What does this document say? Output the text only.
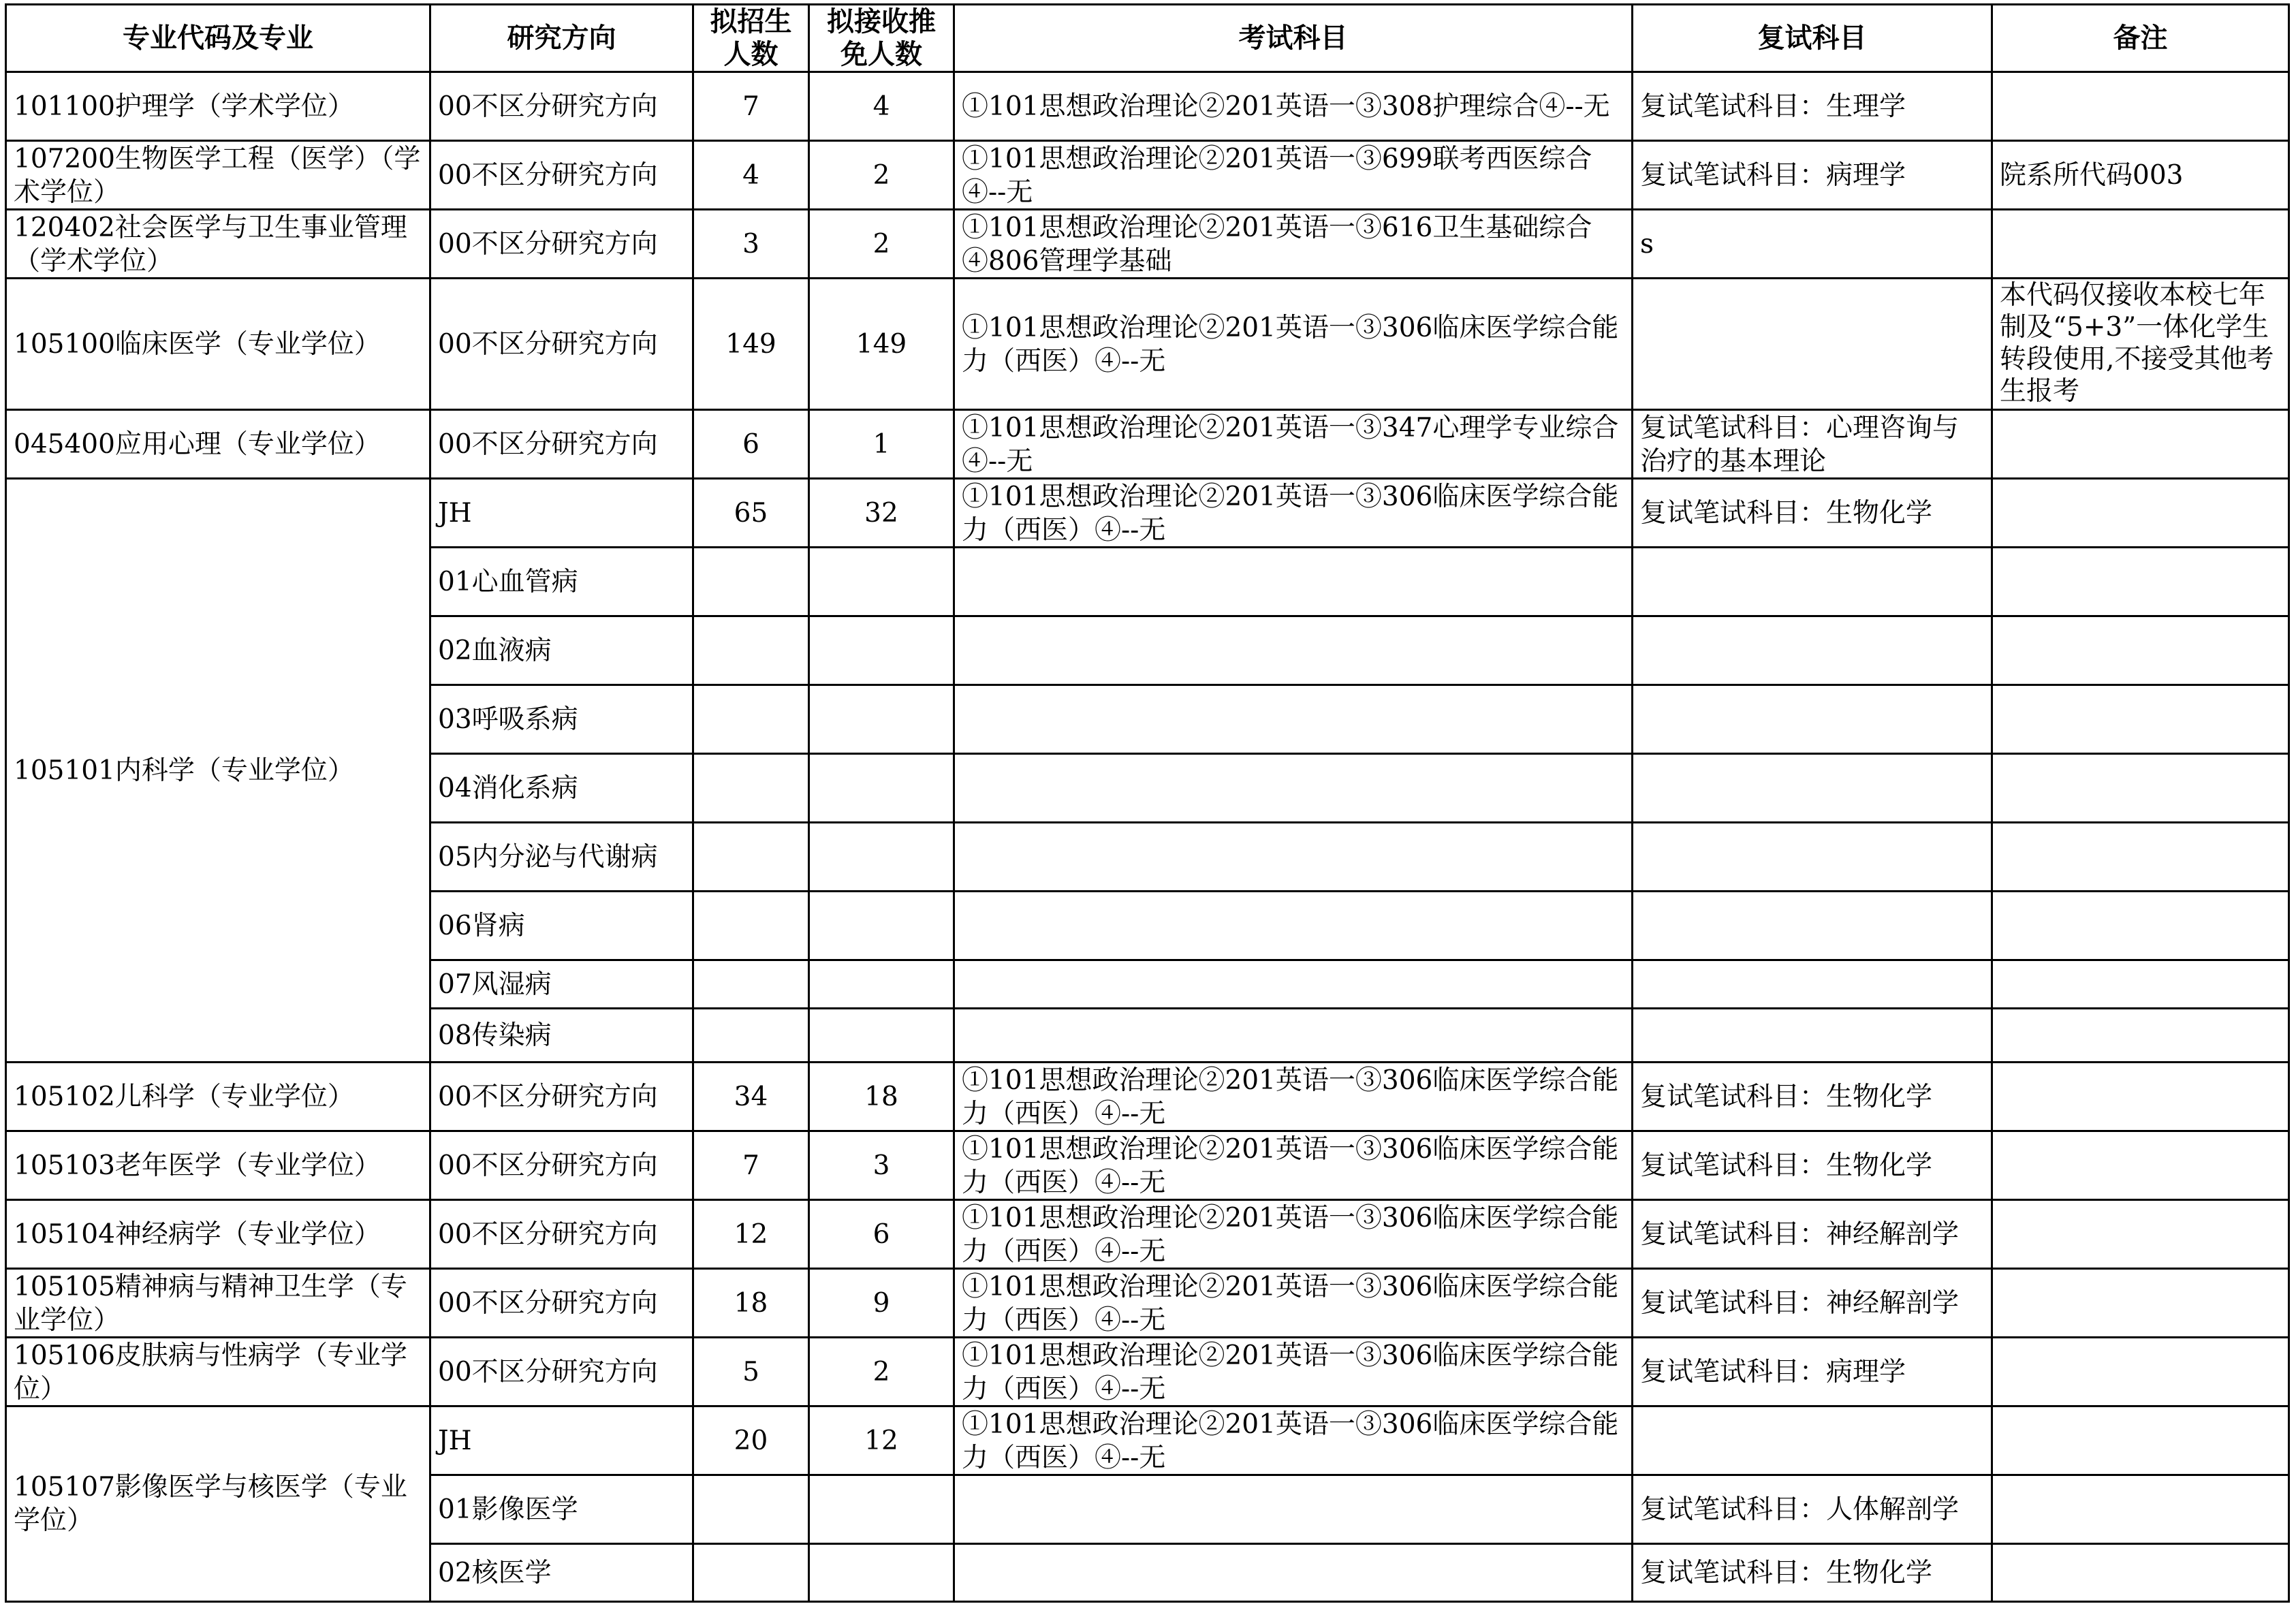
专业代码及专业	研究方向	拟招生人数	拟接收推免人数	考试科目	复试科目	备注
101100护理学（学术学位）	00不区分研究方向	7	4	①101思想政治理论②201英语一③308护理综合④--无	复试笔试科目：生理学	

107200生物医学工程（医学）（学术学位）	00不区分研究方向	4	2	①101思想政治理论②201英语一③699联考西医综合④--无	复试笔试科目：病理学	院系所代码003

120402社会医学与卫生事业管理（学术学位）	00不区分研究方向	3	2	①101思想政治理论②201英语一③616卫生基础综合④806管理学基础	s	
105100临床医学（专业学位）	00不区分研究方向	149	149	①101思想政治理论②201英语一③306临床医学综合能力（西医）④--无		本代码仅接收本校七年制及“5+3”一体化学生转段使用,不接受其他考生报考

045400应用心理（专业学位）	00不区分研究方向	6	1	①101思想政治理论②201英语一③347心理学专业综合④--无	复试笔试科目：心理咨询与治疗的基本理论	

105101内科学（专业学位）	JH	65	32	①101思想政治理论②201英语一③306临床医学综合能力（西医）④--无	复试笔试科目：生物化学	
	01心血管病					
	02血液病					
	03呼吸系病					
	04消化系病					
	05内分泌与代谢病					
	06肾病					
	07风湿病					
	08传染病					
105102儿科学（专业学位）	00不区分研究方向	34	18	①101思想政治理论②201英语一③306临床医学综合能力（西医）④--无	复试笔试科目：生物化学	
105103老年医学（专业学位）	00不区分研究方向	7	3	①101思想政治理论②201英语一③306临床医学综合能力（西医）④--无	复试笔试科目：生物化学	
105104神经病学（专业学位）	00不区分研究方向	12	6	①101思想政治理论②201英语一③306临床医学综合能力（西医）④--无	复试笔试科目：神经解剖学	

105105精神病与精神卫生学（专业学位）	00不区分研究方向	18	9	①101思想政治理论②201英语一③306临床医学综合能力（西医）④--无	复试笔试科目：神经解剖学	

105106皮肤病与性病学（专业学位）	00不区分研究方向	5	2	①101思想政治理论②201英语一③306临床医学综合能力（西医）④--无	复试笔试科目：病理学	
105107影像医学与核医学（专业学位）	JH	20	12	①101思想政治理论②201英语一③306临床医学综合能力（西医）④--无		

	01影像医学				复试笔试科目：人体解剖学	
	02核医学				复试笔试科目：生物化学	
